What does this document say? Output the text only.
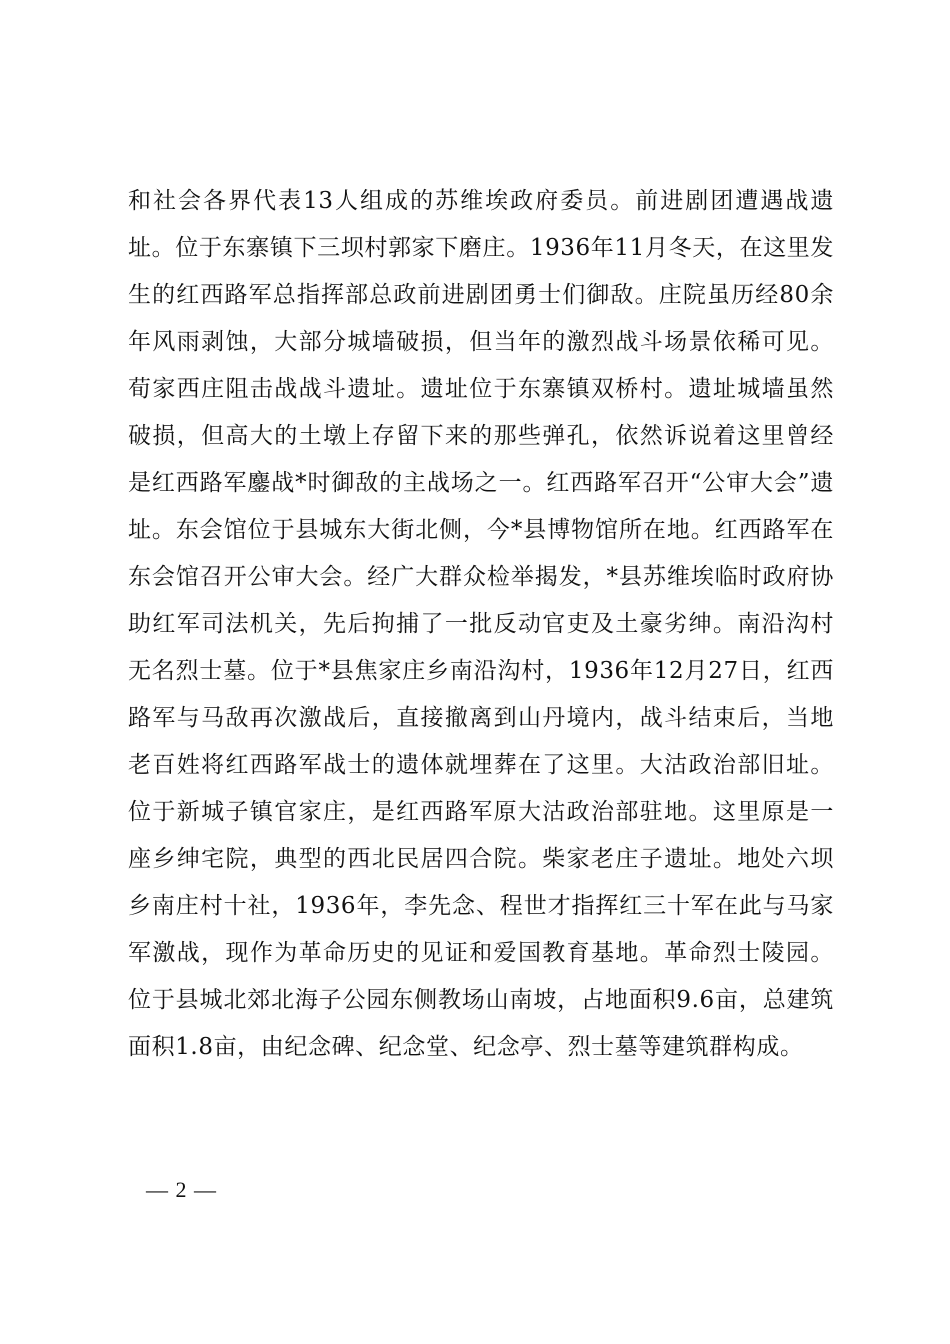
和社会各界代表13人组成的苏维埃政府委员。前进剧团遭遇战遗址。位于东寨镇下三坝村郭家下磨庄。1936年11月冬天，在这里发生的红西路军总指挥部总政前进剧团勇士们御敌。庄院虽历经80余年风雨剥蚀，大部分城墙破损，但当年的激烈战斗场景依稀可见。荀家西庄阻击战战斗遗址。遗址位于东寨镇双桥村。遗址城墙虽然破损，但高大的土墩上存留下来的那些弹孔，依然诉说着这里曾经是红西路军鏖战*时御敌的主战场之一。红西路军召开“公审大会”遗址。东会馆位于县城东大街北侧，今*县博物馆所在地。红西路军在东会馆召开公审大会。经广大群众检举揭发，*县苏维埃临时政府协助红军司法机关，先后拘捕了一批反动官吏及土豪劣绅。南沿沟村无名烈士墓。位于*县焦家庄乡南沿沟村，1936年12月27日，红西路军与马敌再次激战后，直接撤离到山丹境内，战斗结束后，当地老百姓将红西路军战士的遗体就埋葬在了这里。大沽政治部旧址。位于新城子镇官家庄，是红西路军原大沽政治部驻地。这里原是一座乡绅宅院，典型的西北民居四合院。柴家老庄子遗址。地处六坝乡南庄村十社，1936年，李先念、程世才指挥红三十军在此与马家军激战，现作为革命历史的见证和爱国教育基地。革命烈士陵园。位于县城北郊北海子公园东侧教场山南坡，占地面积9.6亩，总建筑面积1.8亩，由纪念碑、纪念堂、纪念亭、烈士墓等建筑群构成。

— 2 —
